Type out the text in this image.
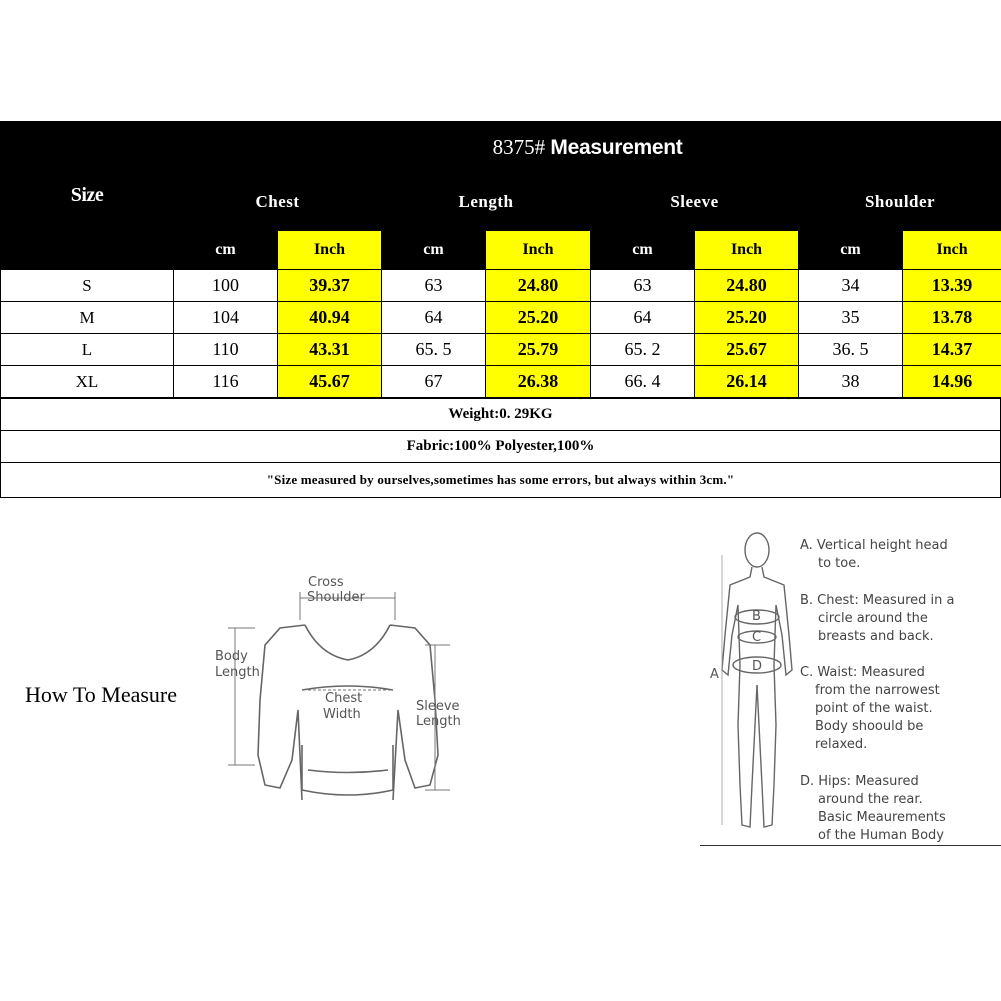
Size	8375# Measurement							
	Chest		Length		Sleeve		Shoulder	
	cm	Inch	cm	Inch	cm	Inch	cm	Inch
S	100	39.37	63	24.80	63	24.80	34	13.39
M	104	40.94	64	25.20	64	25.20	35	13.78
L	110	43.31	65. 5	25.79	65. 2	25.67	36. 5	14.37
XL	116	45.67	67	26.38	66. 4	26.14	38	14.96
Weight:0. 29KG
Fabric:100% Polyester,100%
"Size measured by ourselves,sometimes has some errors, but always within 3cm."
How To Measure
Cross
Shoulder
Body
Length
Chest
Width
Sleeve
Length
B
C
D
A
A. Vertical height head
to toe.
B. Chest: Measured in a
circle around the
breasts and back.
C. Waist: Measured
from the narrowest
point of the waist.
Body shoould be
relaxed.
D. Hips: Measured
around the rear.
Basic Meaurements
of the Human Body
